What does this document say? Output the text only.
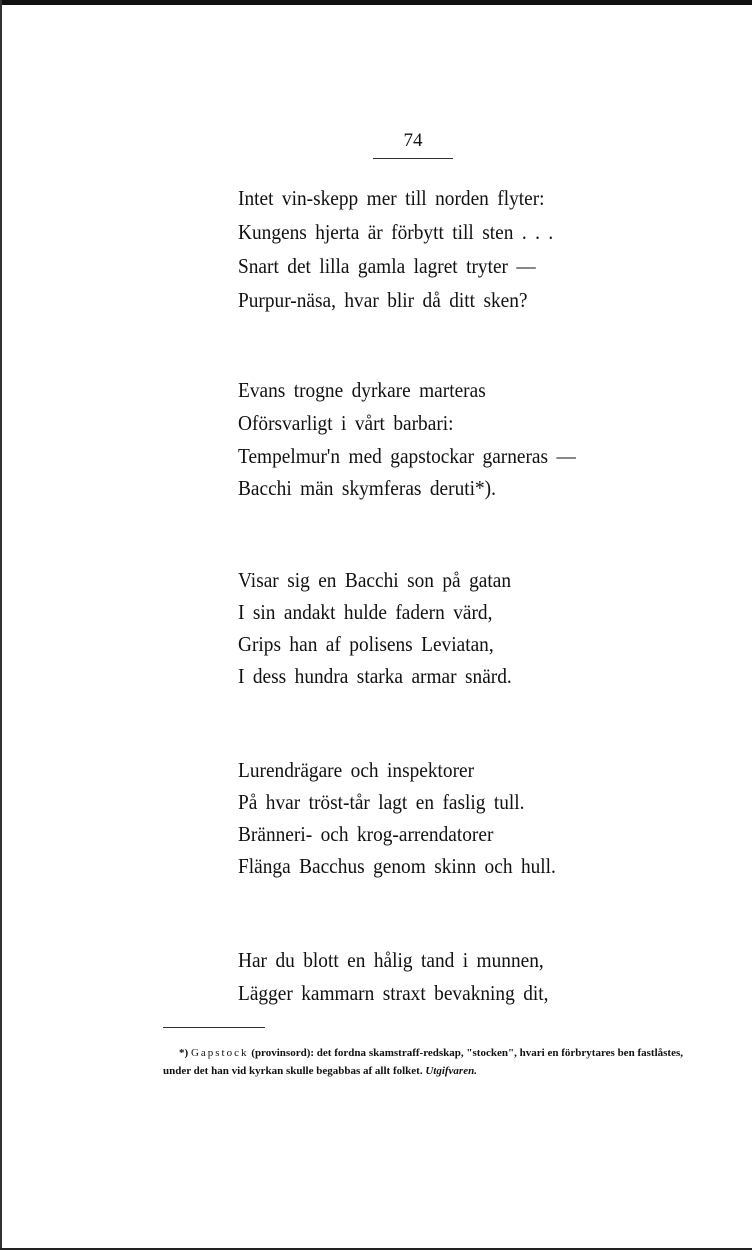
74
Intet vin-skepp mer till norden flyter:
Kungens hjerta är förbytt till sten . . .
Snart det lilla gamla lagret tryter —
Purpur-näsa, hvar blir då ditt sken?
Evans trogne dyrkare marteras
Oförsvarligt i vårt barbari:
Tempelmur'n med gapstockar garneras —
Bacchi män skymferas deruti*).
Visar sig en Bacchi son på gatan
I sin andakt hulde fadern värd,
Grips han af polisens Leviatan,
I dess hundra starka armar snärd.
Lurendrägare och inspektorer
På hvar tröst-tår lagt en faslig tull.
Bränneri- och krog-arrendatorer
Flänga Bacchus genom skinn och hull.
Har du blott en hålig tand i munnen,
Lägger kammarn straxt bevakning dit,
*) Gapstock (provinsord): det fordna skamstraff-redskap, "stocken", hvari en förbrytares ben fastlåstes, under det han vid kyrkan skulle begabbas af allt folket. Utgifvaren.
